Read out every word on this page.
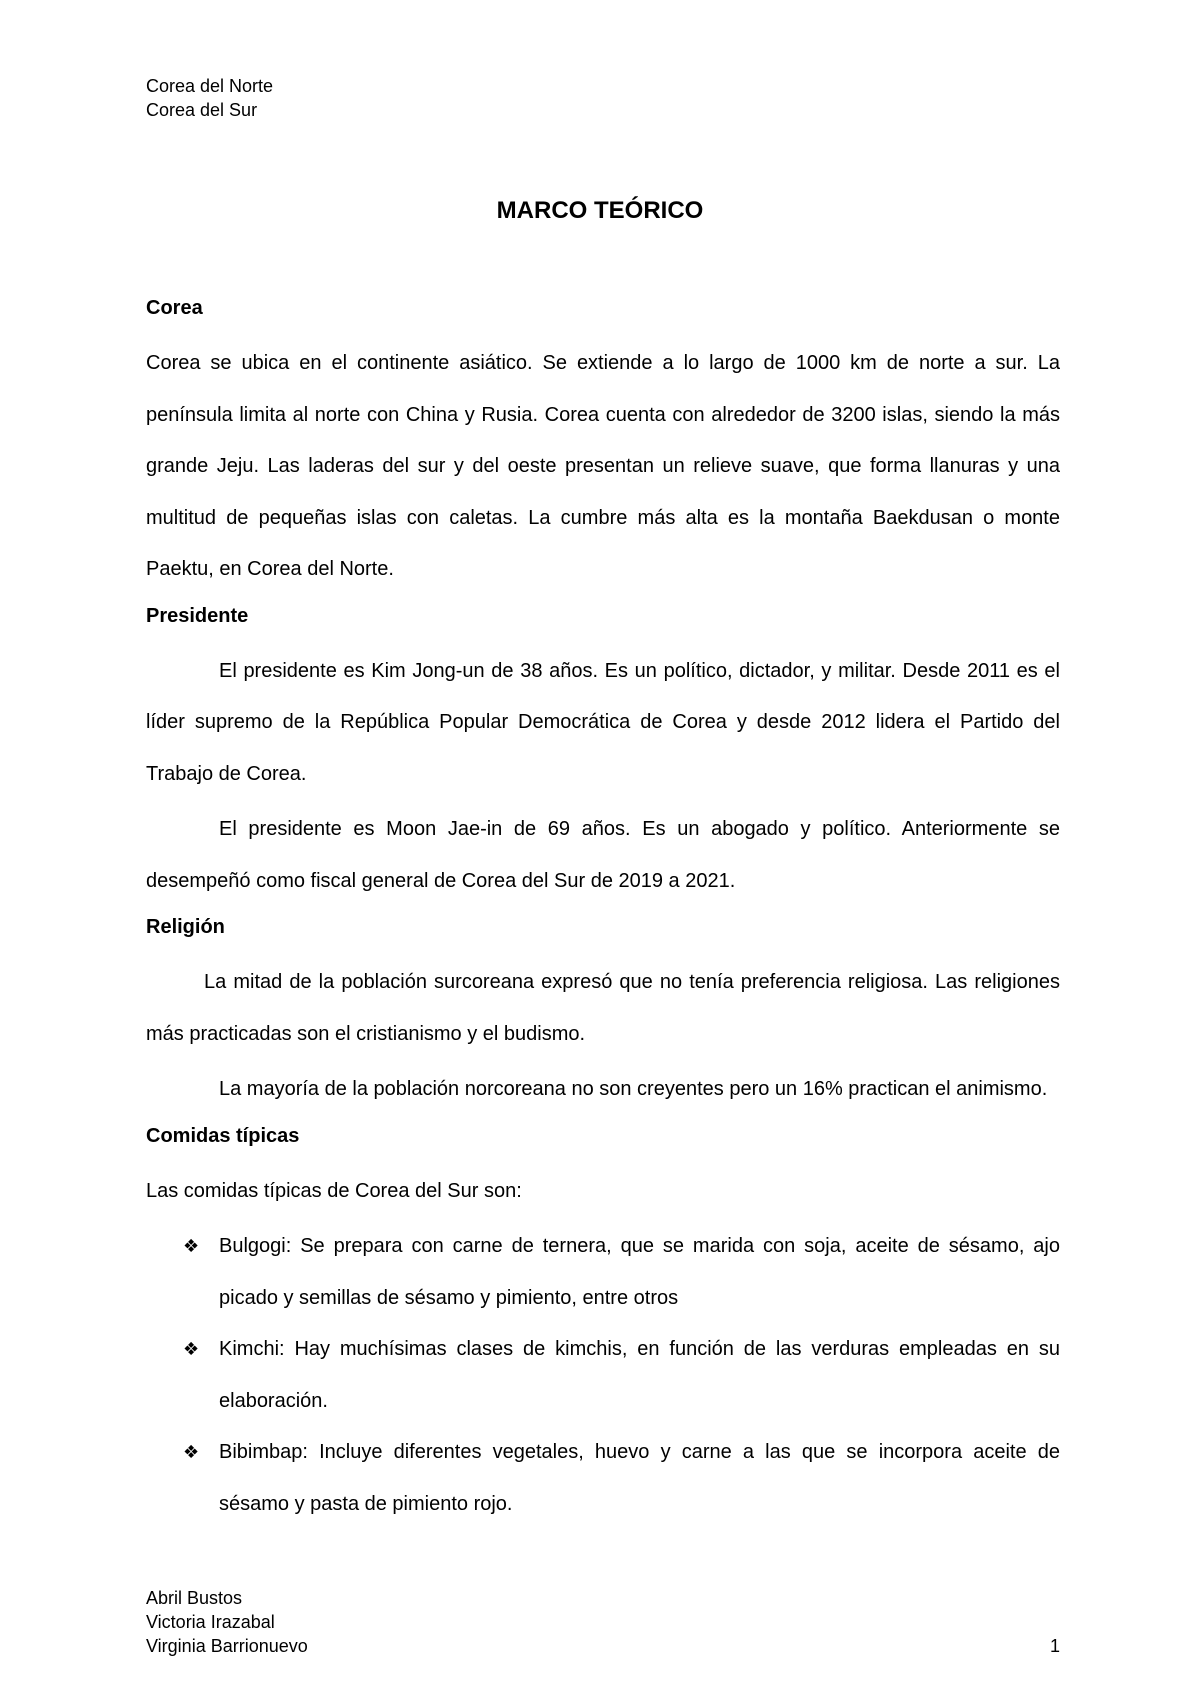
Corea del Norte
Corea del Sur
MARCO TEÓRICO
Corea

Corea se ubica en el continente asiático. Se extiende a lo largo de 1000 km de norte a sur. La península limita al norte con China y Rusia. Corea cuenta con alrededor de 3200 islas, siendo la más grande Jeju. Las laderas del sur y del oeste presentan un relieve suave, que forma llanuras y una multitud de pequeñas islas con caletas. La cumbre más alta es la montaña Baekdusan o monte Paektu, en Corea del Norte.

Presidente

El presidente es Kim Jong-un de 38 años. Es un político, dictador, y militar. Desde 2011 es el líder supremo de la República Popular Democrática de Corea y desde 2012 lidera el Partido del Trabajo de Corea.

El presidente es Moon Jae-in de 69 años. Es un abogado y político. Anteriormente se desempeñó como fiscal general de Corea del Sur de 2019 a 2021.

Religión

La mitad de la población surcoreana expresó que no tenía preferencia religiosa. Las religiones más practicadas son el cristianismo y el budismo.

La mayoría de la población norcoreana no son creyentes pero un 16% practican el animismo.

Comidas típicas

Las comidas típicas de Corea del Sur son:

❖ Bulgogi: Se prepara con carne de ternera, que se marida con soja, aceite de sésamo, ajo picado y semillas de sésamo y pimiento, entre otros
❖ Kimchi: Hay muchísimas clases de kimchis, en función de las verduras empleadas en su elaboración.
❖ Bibimbap: Incluye diferentes vegetales, huevo y carne a las que se incorpora aceite de sésamo y pasta de pimiento rojo.
Abril Bustos
Victoria Irazabal
Virginia Barrionuevo	1
